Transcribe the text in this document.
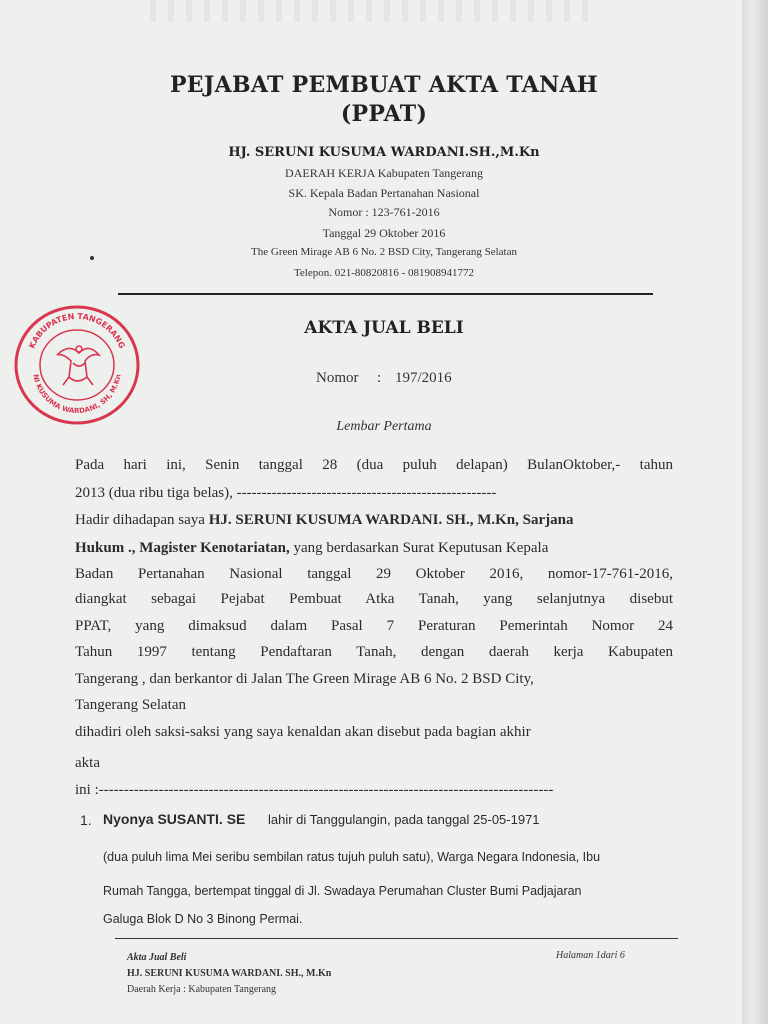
PEJABAT PEMBUAT AKTA TANAH
(PPAT)
HJ. SERUNI KUSUMA WARDANI.SH.,M.Kn
DAERAH KERJA Kabupaten Tangerang
SK. Kepala Badan Pertanahan Nasional
Nomor : 123-761-2016
Tanggal 29 Oktober 2016
The Green Mirage AB 6 No. 2 BSD City, Tangerang Selatan
Telepon. 021-80820816 - 081908941772
KABUPATEN TANGERANG
NI KUSUMA WARDANI, SH, M.Kn
AKTA JUAL BELI
Nomor : 197/2016
Lembar Pertama
Pada hari ini, Senin tanggal 28 (dua puluh delapan) BulanOktober,- tahun
2013 (dua ribu tiga belas), ----------------------------------------------------
Hadir dihadapan saya HJ. SERUNI KUSUMA WARDANI. SH., M.Kn, Sarjana
Hukum ., Magister Kenotariatan, yang berdasarkan Surat Keputusan Kepala
Badan Pertanahan Nasional tanggal 29 Oktober 2016, nomor-17-761-2016,
diangkat sebagai Pejabat Pembuat Atka Tanah, yang selanjutnya disebut
PPAT, yang dimaksud dalam Pasal 7 Peraturan Pemerintah Nomor 24
Tahun 1997 tentang Pendaftaran Tanah, dengan daerah kerja Kabupaten
Tangerang , dan berkantor di Jalan The Green Mirage AB 6 No. 2 BSD City,
Tangerang Selatan
dihadiri oleh saksi-saksi yang saya kenaldan akan disebut pada bagian akhir
akta
ini :-------------------------------------------------------------------------------------------
1. Nyonya SUSANTI. SE lahir di Tanggulangin, pada tanggal 25-05-1971
(dua puluh lima Mei seribu sembilan ratus tujuh puluh satu), Warga Negara Indonesia, Ibu
Rumah Tangga, bertempat tinggal di Jl. Swadaya Perumahan Cluster Bumi Padjajaran
Galuga Blok D No 3 Binong Permai.
Akta Jual Beli	Halaman 1dari 6
HJ. SERUNI KUSUMA WARDANI. SH., M.Kn
Daerah Kerja : Kabupaten Tangerang
